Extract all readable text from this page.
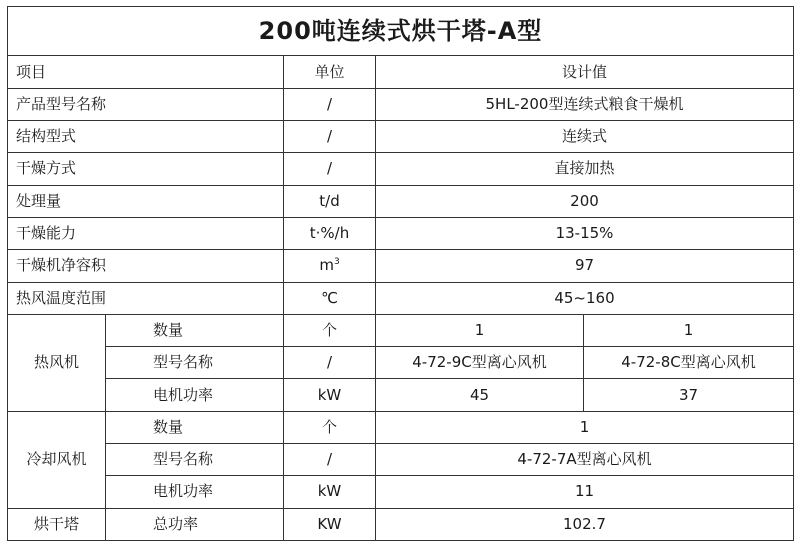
200吨连续式烘干塔-A型				
项目		单位	设计值	
产品型号名称		/	5HL-200型连续式粮食干燥机	
结构型式		/	连续式	
干燥方式		/	直接加热	
处理量		t/d	200	
干燥能力		t·%/h	13-15%	
干燥机净容积		$m^3$	97	
热风温度范围		℃	45~160	
热风机	数量	个	1	1
	型号名称	/	4-72-9C型离心风机	4-72-8C型离心风机
	电机功率	kW	45	37
冷却风机	数量	个	1	
	型号名称	/	4-72-7A型离心风机	
	电机功率	kW	11	
烘干塔	总功率	KW	102.7	
